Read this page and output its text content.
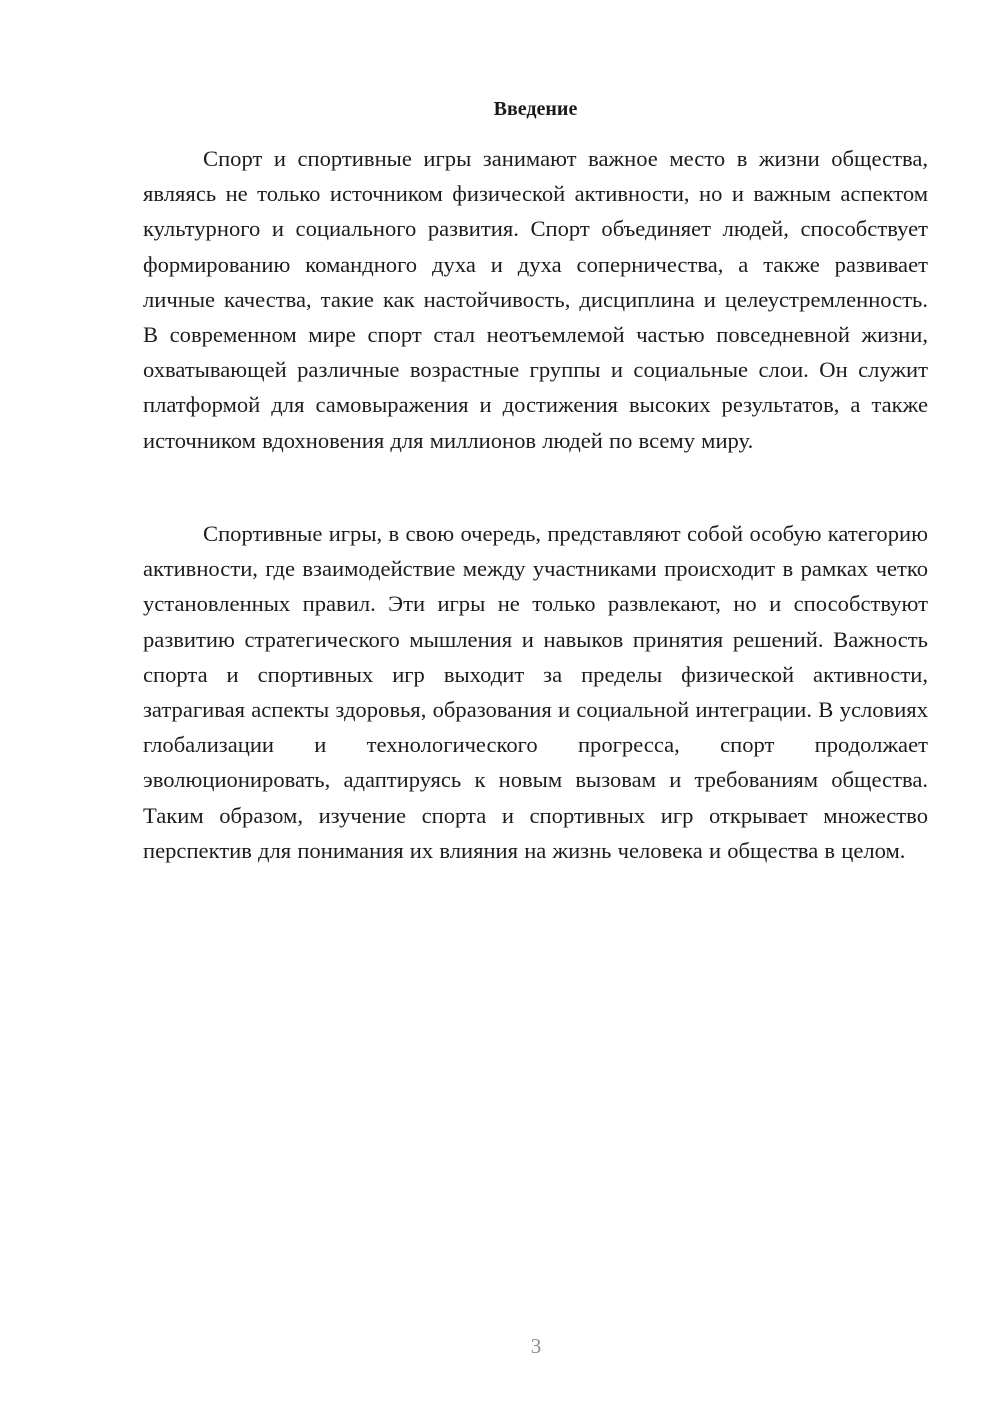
Введение

Спорт и спортивные игры занимают важное место в жизни общества, являясь не только источником физической активности, но и важным аспектом культурного и социального развития. Спорт объединяет людей, способствует формированию командного духа и духа соперничества, а также развивает личные качества, такие как настойчивость, дисциплина и целеустремленность. В современном мире спорт стал неотъемлемой частью повседневной жизни, охватывающей различные возрастные группы и социальные слои. Он служит платформой для самовыражения и достижения высоких результатов, а также источником вдохновения для миллионов людей по всему миру.

Спортивные игры, в свою очередь, представляют собой особую категорию активности, где взаимодействие между участниками происходит в рамках четко установленных правил. Эти игры не только развлекают, но и способствуют развитию стратегического мышления и навыков принятия решений. Важность спорта и спортивных игр выходит за пределы физической активности, затрагивая аспекты здоровья, образования и социальной интеграции. В условиях глобализации и технологического прогресса, спорт продолжает эволюционировать, адаптируясь к новым вызовам и требованиям общества. Таким образом, изучение спорта и спортивных игр открывает множество перспектив для понимания их влияния на жизнь человека и общества в целом.

3
